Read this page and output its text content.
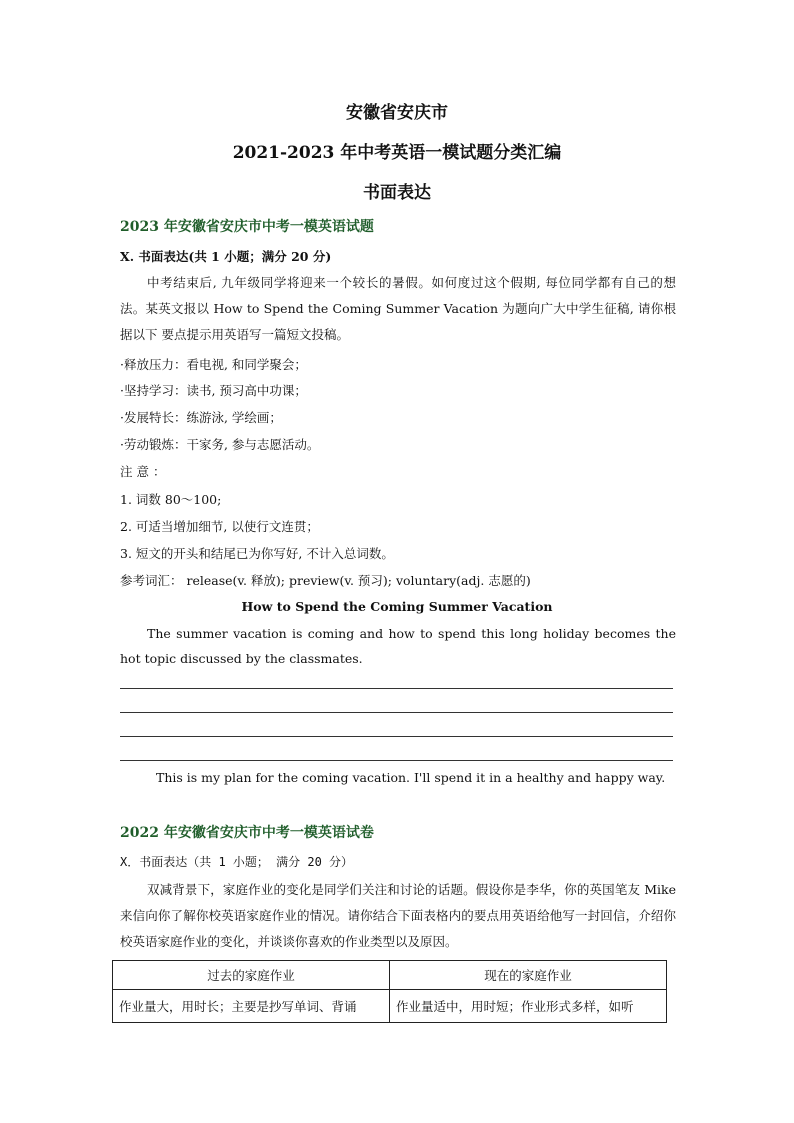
安徽省安庆市
2021-2023 年中考英语一模试题分类汇编
书面表达
2023 年安徽省安庆市中考一模英语试题
X. 书面表达(共 1 小题；满分 20 分)
中考结束后, 九年级同学将迎来一个较长的暑假。如何度过这个假期, 每位同学都有自己的想 法。某英文报以 How to Spend the Coming Summer Vacation 为题向广大中学生征稿, 请你根据以下 要点提示用英语写一篇短文投稿。
·释放压力：看电视, 和同学聚会；
·坚持学习：读书, 预习高中功课；
·发展特长：练游泳, 学绘画；
·劳动锻炼：干家务, 参与志愿活动。
注 意 ：
1. 词数 80～100;
2. 可适当增加细节, 以使行文连贯；
3. 短文的开头和结尾已为你写好, 不计入总词数。
参考词汇： release(v. 释放); preview(v. 预习); voluntary(adj. 志愿的)
How to Spend the Coming Summer Vacation
The summer vacation is coming and how to spend this long holiday becomes the hot topic discussed by the classmates.
This is my plan for the coming vacation. I'll spend it in a healthy and happy way.
2022 年安徽省安庆市中考一模英语试卷
X．书面表达（共 1 小题； 满分 20 分）
双减背景下，家庭作业的变化是同学们关注和讨论的话题。假设你是李华，你的英国笔友 Mike 来信向你了解你校英语家庭作业的情况。请你结合下面表格内的要点用英语给他写一封回信，介绍你校英语家庭作业的变化，并谈谈你喜欢的作业类型以及原因。
过去的家庭作业	现在的家庭作业
作业量大，用时长；主要是抄写单词、背诵	作业量适中，用时短；作业形式多样，如听
